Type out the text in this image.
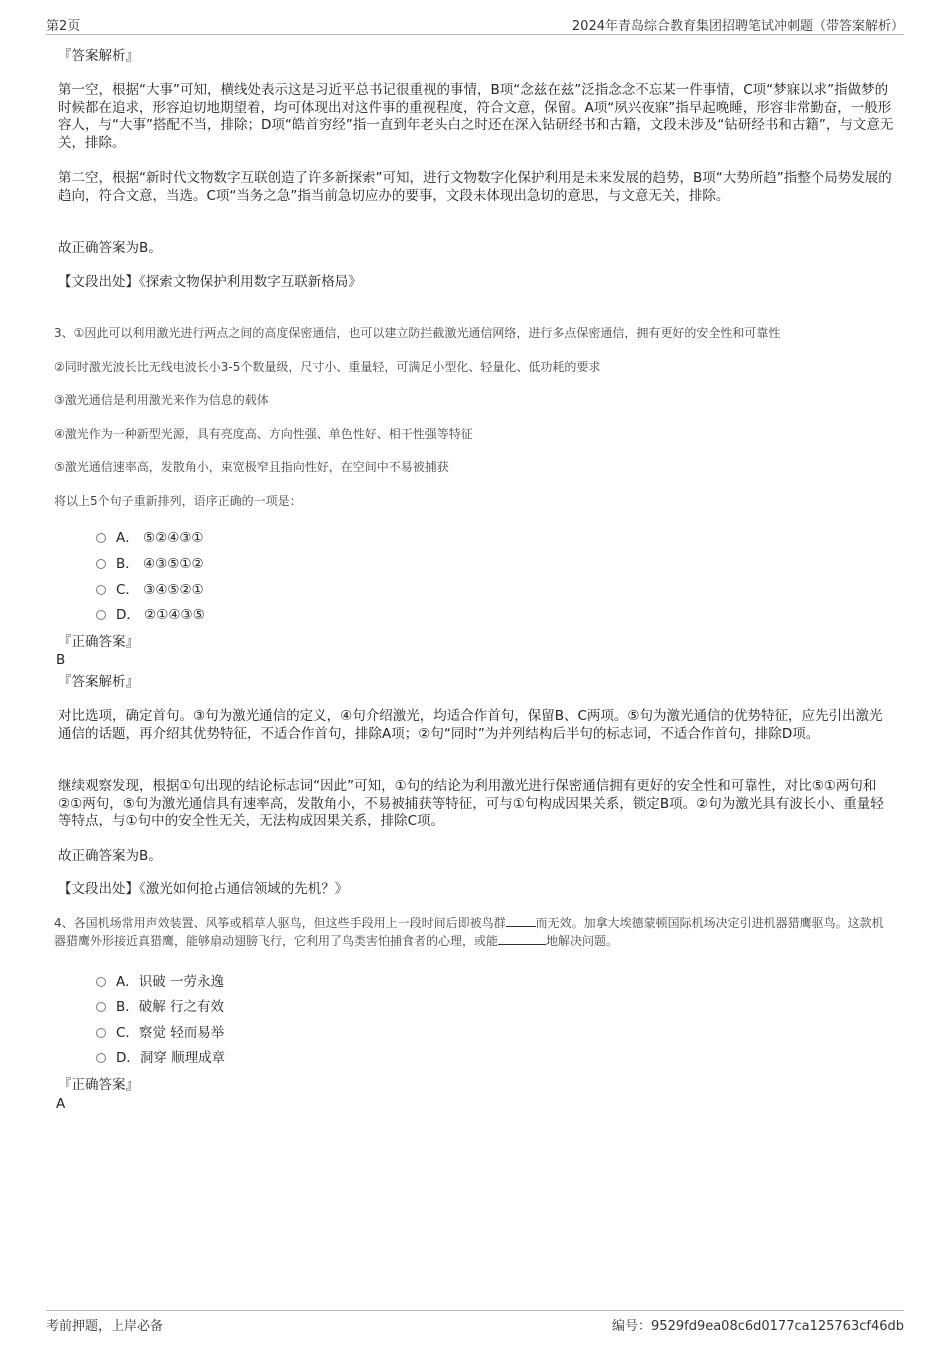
第2页	2024年青岛综合教育集团招聘笔试冲刺题（带答案解析）
『答案解析』

第一空，根据“大事”可知，横线处表示这是习近平总书记很重视的事情，B项“念兹在兹”泛指念念不忘某一件事情，C项“梦寐以求”指做梦的时候都在追求，形容迫切地期望着，均可体现出对这件事的重视程度，符合文意，保留。A项“夙兴夜寐”指早起晚睡，形容非常勤奋，一般形容人，与“大事”搭配不当，排除；D项“皓首穷经”指一直到年老头白之时还在深入钻研经书和古籍，文段未涉及“钻研经书和古籍”，与文意无关，排除。

第二空，根据“新时代文物数字互联创造了许多新探索”可知，进行文物数字化保护利用是未来发展的趋势，B项“大势所趋”指整个局势发展的趋向，符合文意，当选。C项“当务之急”指当前急切应办的要事，文段未体现出急切的意思，与文意无关，排除。

故正确答案为B。
【文段出处】《探索文物保护利用数字互联新格局》
3、①因此可以利用激光进行两点之间的高度保密通信，也可以建立防拦截激光通信网络，进行多点保密通信，拥有更好的安全性和可靠性
②同时激光波长比无线电波长小3-5个数量级，尺寸小、重量轻，可满足小型化、轻量化、低功耗的要求
③激光通信是利用激光来作为信息的载体
④激光作为一种新型光源，具有亮度高、方向性强、单色性好、相干性强等特征
⑤激光通信速率高，发散角小，束宽极窄且指向性好，在空间中不易被捕获
将以上5个句子重新排列，语序正确的一项是：
A． ⑤②④③①
B． ④③⑤①②
C． ③④⑤②①
D． ②①④③⑤
『正确答案』
B
『答案解析』

对比选项，确定首句。③句为激光通信的定义，④句介绍激光，均适合作首句，保留B、C两项。⑤句为激光通信的优势特征，应先引出激光通信的话题，再介绍其优势特征，不适合作首句，排除A项；②句“同时”为并列结构后半句的标志词，不适合作首句，排除D项。

继续观察发现，根据①句出现的结论标志词“因此”可知，①句的结论为利用激光进行保密通信拥有更好的安全性和可靠性，对比⑤①两句和②①两句，⑤句为激光通信具有速率高，发散角小，不易被捕获等特征，可与①句构成因果关系，锁定B项。②句为激光具有波长小、重量轻等特点，与①句中的安全性无关，无法构成因果关系，排除C项。

故正确答案为B。
【文段出处】《激光如何抢占通信领域的先机？》

4、各国机场常用声效装置、风筝或稻草人驱鸟，但这些手段用上一段时间后即被鸟群	而无效。加拿大埃德蒙顿国际机场决定引进机器猎鹰驱鸟。这款机器猎鹰外形接近真猎鹰，能够扇动翅膀飞行，它利用了鸟类害怕捕食者的心理，或能	地解决问题。

A．识破 一劳永逸
B．破解 行之有效
C．察觉 轻而易举
D．洞穿 顺理成章
『正确答案』
A
考前押题，上岸必备	编号：9529fd9ea08c6d0177ca125763cf46db
